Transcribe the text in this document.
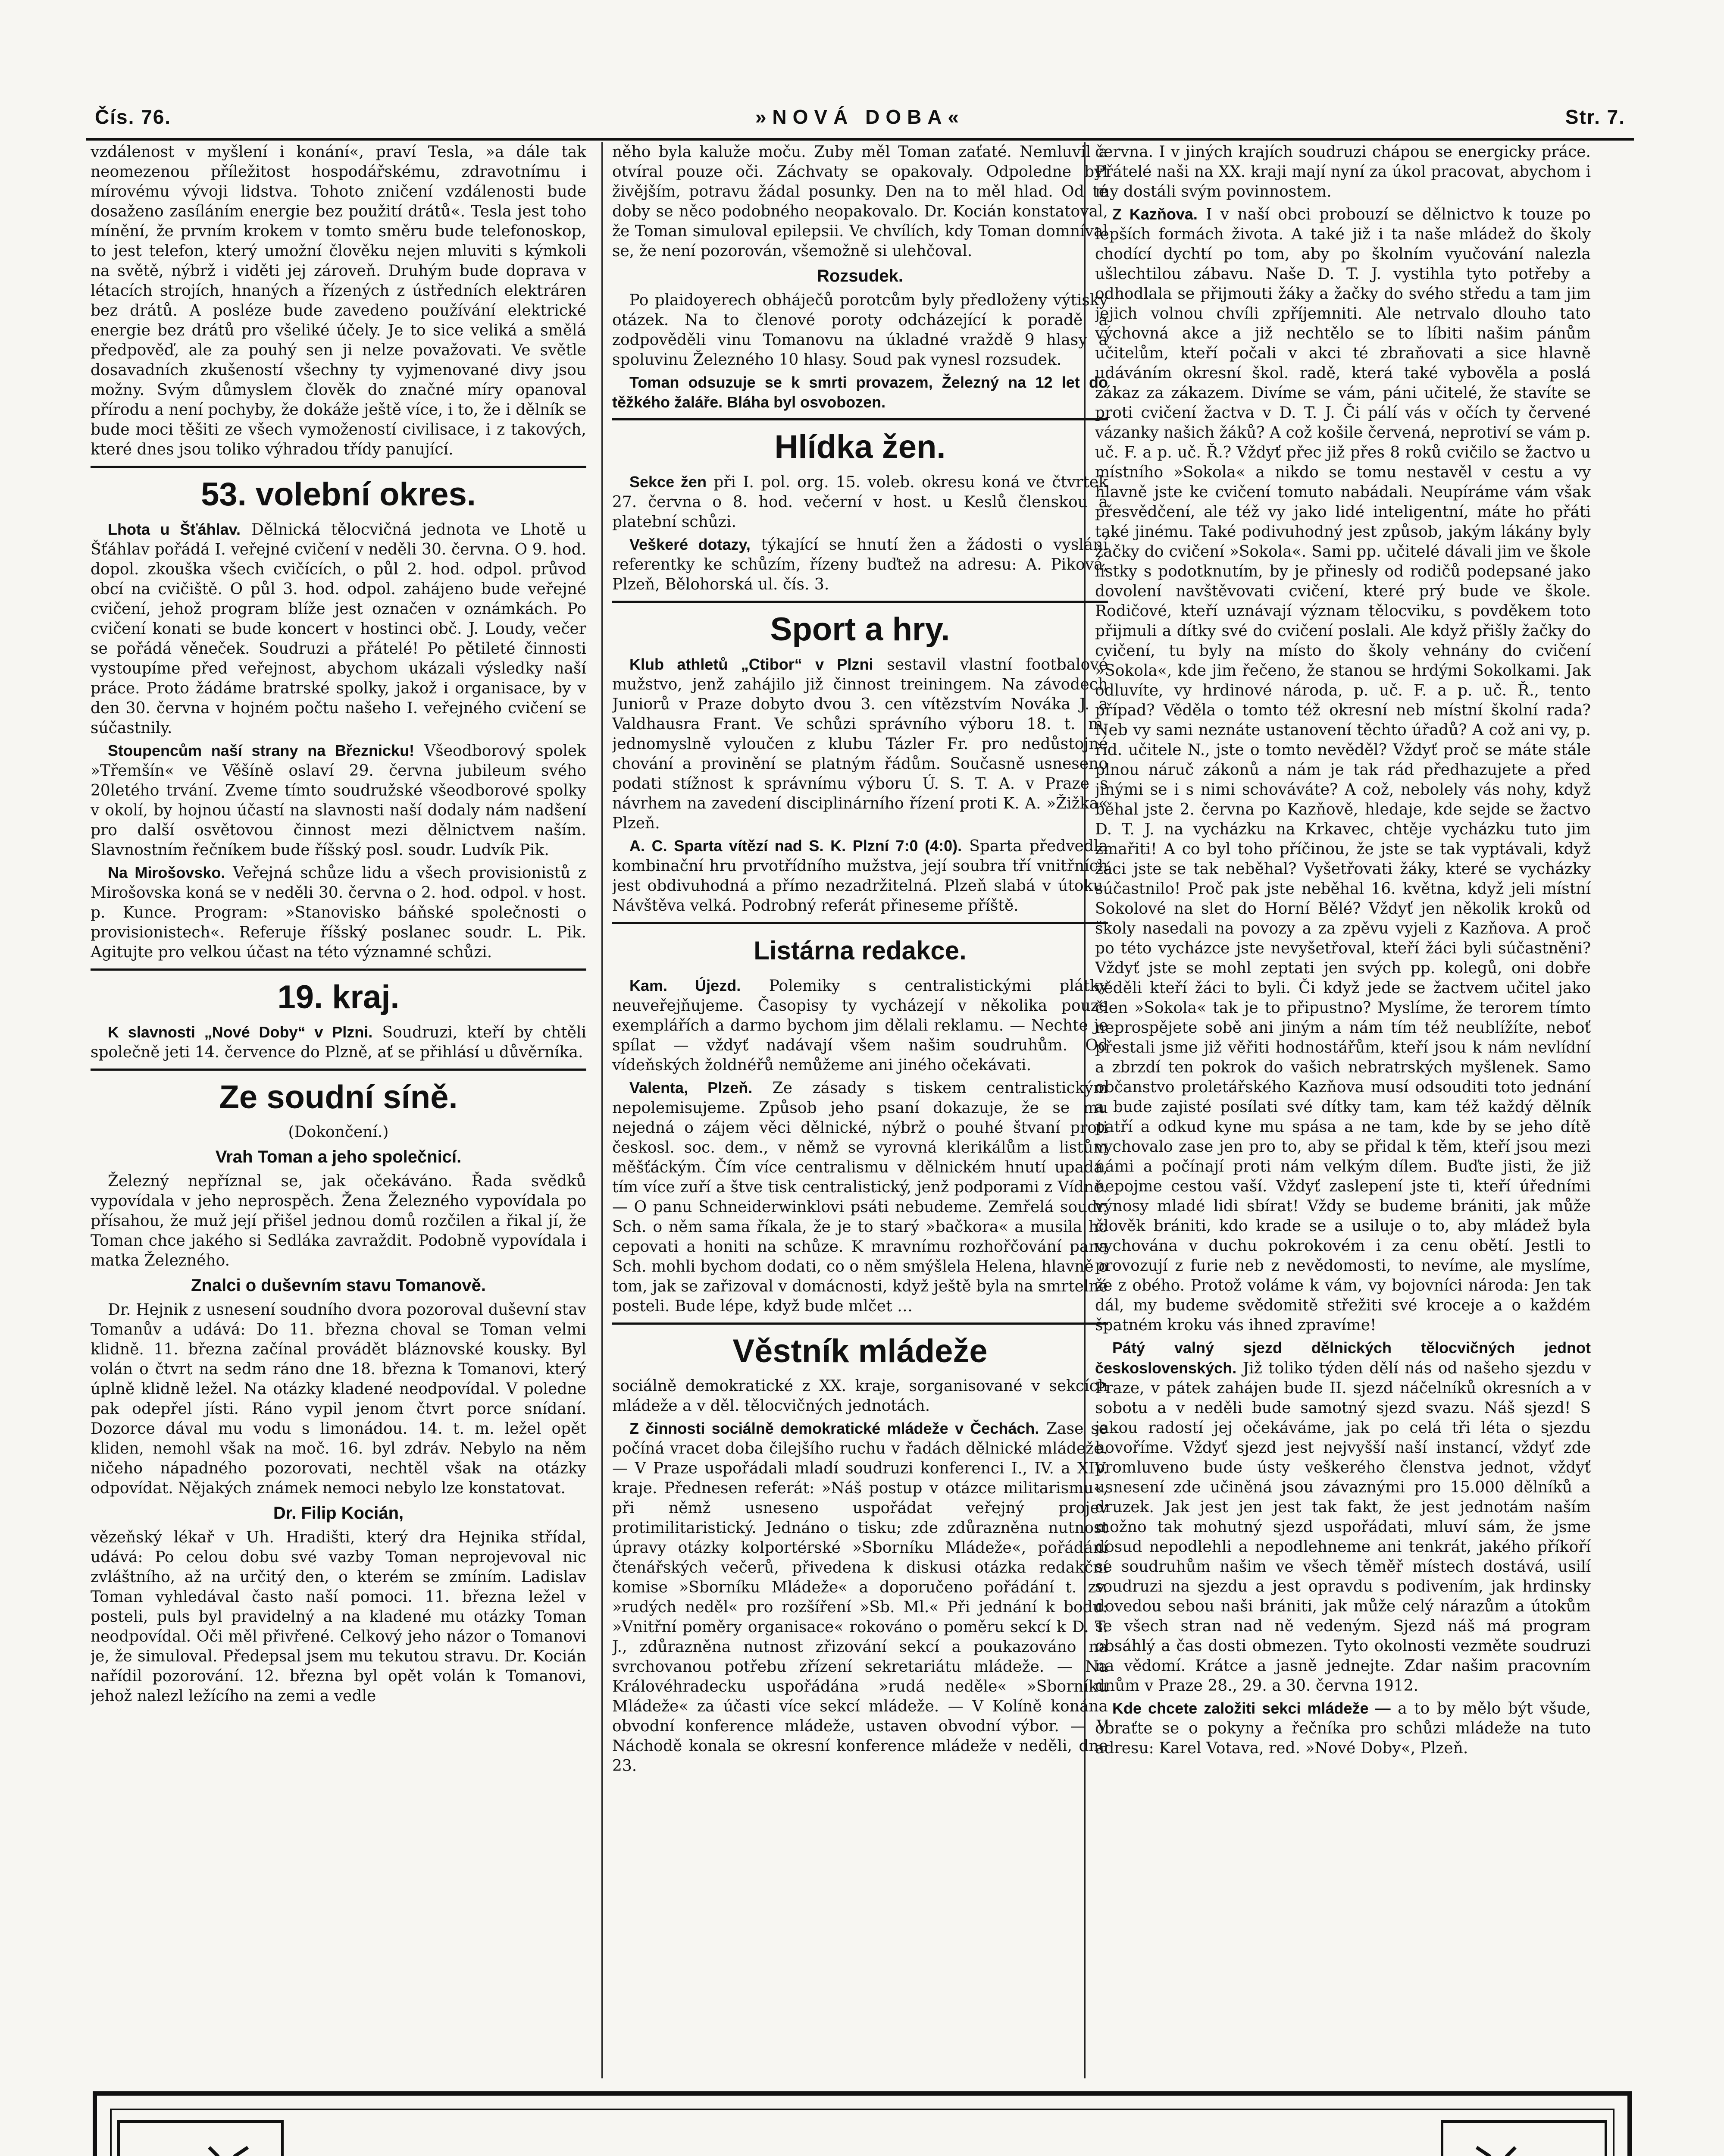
Čís. 76.	»NOVÁ DOBA«	Str. 7.

vzdálenost v myšlení i konání«, praví Tesla, »a dále tak neomezenou příležitost hospodářskému, zdravotnímu i mírovému vývoji lidstva. Tohoto zničení vzdálenosti bude dosaženo zasíláním energie bez použití drátů«. Tesla jest toho mínění, že prvním krokem v tomto směru bude telefonoskop, to jest telefon, který umožní člověku nejen mluviti s kýmkoli na světě, nýbrž i viděti jej zároveň. Druhým bude doprava v létacích strojích, hnaných a řízených z ústředních elektráren bez drátů. A posléze bude zavedeno používání elektrické energie bez drátů pro všeliké účely. Je to sice veliká a smělá předpověď, ale za pouhý sen ji nelze považovati. Ve světle dosavadních zkušeností všechny ty vyjmenované divy jsou možny. Svým důmyslem člověk do značné míry opanoval přírodu a není pochyby, že dokáže ještě více, i to, že i dělník se bude moci těšiti ze všech vymožeností civilisace, i z takových, které dnes jsou toliko výhradou třídy panující.

53. volební okres.

Lhota u Šťáhlav. Dělnická tělocvičná jednota ve Lhotě u Šťáhlav pořádá I. veřejné cvičení v neděli 30. června. O 9. hod. dopol. zkouška všech cvičících, o půl 2. hod. odpol. průvod obcí na cvičiště. O půl 3. hod. odpol. zahájeno bude veřejné cvičení, jehož program blíže jest označen v oznámkách. Po cvičení konati se bude koncert v hostinci obč. J. Loudy, večer se pořádá věneček. Soudruzi a přátelé! Po pětileté činnosti vystoupíme před veřejnost, abychom ukázali výsledky naší práce. Proto žádáme bratrské spolky, jakož i organisace, by v den 30. června v hojném počtu našeho I. veřejného cvičení se súčastnily.

Stoupencům naší strany na Březnicku! Všeodborový spolek »Třemšín« ve Věšíně oslaví 29. června jubileum svého 20letého trvání. Zveme tímto soudružské všeodborové spolky v okolí, by hojnou účastí na slavnosti naší dodaly nám nadšení pro další osvětovou činnost mezi dělnictvem naším. Slavnostním řečníkem bude říšský posl. soudr. Ludvík Pik.

Na Mirošovsko. Veřejná schůze lidu a všech provisionistů z Mirošovska koná se v neděli 30. června o 2. hod. odpol. v host. p. Kunce. Program: »Stanovisko báňské společnosti o provisionistech«. Referuje říšský poslanec soudr. L. Pik. Agitujte pro velkou účast na této významné schůzi.

19. kraj.

K slavnosti „Nové Doby“ v Plzni. Soudruzi, kteří by chtěli společně jeti 14. července do Plzně, ať se přihlásí u důvěrníka.

Ze soudní síně.
(Dokončení.)
Vrah Toman a jeho společnicí.

Železný nepříznal se, jak očekáváno. Řada svědků vypovídala v jeho neprospěch. Žena Železného vypovídala po přísahou, že muž její přišel jednou domů rozčilen a řikal jí, že Toman chce jakého si Sedláka zavraždit. Podobně vypovídala i matka Železného.

Znalci o duševním stavu Tomanově.

Dr. Hejnik z usnesení soudního dvora pozoroval duševní stav Tomanův a udává: Do 11. března choval se Toman velmi klidně. 11. března začínal provádět bláznovské kousky. Byl volán o čtvrt na sedm ráno dne 18. března k Tomanovi, který úplně klidně ležel. Na otázky kladené neodpovídal. V poledne pak odepřel jísti. Ráno vypil jenom čtvrt porce snídaní. Dozorce dával mu vodu s limonádou. 14. t. m. ležel opět kliden, nemohl však na moč. 16. byl zdráv. Nebylo na něm ničeho nápadného pozorovati, nechtěl však na otázky odpovídat. Nějakých známek nemoci nebylo lze konstatovat.

Dr. Filip Kocián,

vězeňský lékař v Uh. Hradišti, který dra Hejnika střídal, udává: Po celou dobu své vazby Toman neprojevoval nic zvláštního, až na určitý den, o kterém se zmíním. Ladislav Toman vyhledával často naší pomoci. 11. března ležel v posteli, puls byl pravidelný a na kladené mu otázky Toman neodpovídal. Oči měl přivřené. Celkový jeho názor o Tomanovi je, že simuloval. Předepsal jsem mu tekutou stravu. Dr. Kocián nařídil pozorování. 12. března byl opět volán k Tomanovi, jehož nalezl ležícího na zemi a vedle

něho byla kaluže moču. Zuby měl Toman zaťaté. Nemluvil a otvíral pouze oči. Záchvaty se opakovaly. Odpoledne byl živějším, potravu žádal posunky. Den na to měl hlad. Od té doby se něco podobného neopakovalo. Dr. Kocián konstatoval, že Toman simuloval epilepsii. Ve chvílích, kdy Toman domníval se, že není pozorován, všemožně si ulehčoval.

Rozsudek.

Po plaidoyerech obháječů porotcům byly předloženy výtisky otázek. Na to členové poroty odcházející k poradě a zodpověděli vinu Tomanovu na úkladné vraždě 9 hlasy a spoluvinu Železného 10 hlasy. Soud pak vynesl rozsudek.

Toman odsuzuje se k smrti provazem, Železný na 12 let do těžkého žaláře. Bláha byl osvobozen.

Hlídka žen.

Sekce žen při I. pol. org. 15. voleb. okresu koná ve čtvrtek 27. června o 8. hod. večerní v host. u Keslů členskou a platební schůzi.

Veškeré dotazy, týkající se hnutí žen a žádosti o vyslání referentky ke schůzím, řízeny buďtež na adresu: A. Piková, Plzeň, Bělohorská ul. čís. 3.

Sport a hry.

Klub athletů „Ctibor“ v Plzni sestavil vlastní footbalové mužstvo, jenž zahájilo již činnost treiningem. Na závodech Juniorů v Praze dobyto dvou 3. cen vítězstvím Nováka J. a Valdhausra Frant. Ve schůzi správního výboru 18. t. m. jednomyslně vyloučen z klubu Tázler Fr. pro nedůstojné chování a provinění se platným řádům. Současně usneseno podati stížnost k správnímu výboru Ú. S. T. A. v Praze s návrhem na zavedení disciplinárního řízení proti K. A. »Žižka« Plzeň.

A. C. Sparta vítězí nad S. K. Plzní 7:0 (4:0). Sparta předvedla kombinační hru prvotřídního mužstva, její soubra tří vnitřních jest obdivuhodná a přímo nezadržitelná. Plzeň slabá v útoku. Návštěva velká. Podrobný referát přineseme příště.

Listárna redakce.

Kam. Újezd. Polemiky s centralistickými plátky neuveřejňujeme. Časopisy ty vycházejí v několika pouze exemplářích a darmo bychom jim dělali reklamu. — Nechte je spílat — vždyť nadávají všem našim soudruhům. Od vídeňských žoldnéřů nemůžeme ani jiného očekávati.

Valenta, Plzeň. Ze zásady s tiskem centralistickým nepolemisujeme. Způsob jeho psaní dokazuje, že se mu nejedná o zájem věci dělnické, nýbrž o pouhé štvaní proti českosl. soc. dem., v němž se vyrovná klerikálům a listům měšťáckým. Čím více centralismu v dělnickém hnutí upadá, tím více zuří a štve tisk centralistický, jenž podporami z Vídně. — O panu Schneiderwinklovi psáti nebudeme. Zemřelá soudr. Sch. o něm sama říkala, že je to starý »bačkora« a musila ho cepovati a honiti na schůze. K mravnímu rozhořčování pana Sch. mohli bychom dodati, co o něm smýšlela Helena, hlavně o tom, jak se zařizoval v domácnosti, když ještě byla na smrtelné posteli. Bude lépe, když bude mlčet …

Věstník mládeže

sociálně demokratické z XX. kraje, sorganisované v sekcích mládeže a v děl. tělocvičných jednotách.

Z činnosti sociálně demokratické mládeže v Čechách. Zase se počíná vracet doba čilejšího ruchu v řadách dělnické mládeže. — V Praze uspořádali mladí soudruzi konferenci I., IV. a XIV. kraje. Přednesen referát: »Náš postup v otázce militarismu«, při němž usneseno uspořádat veřejný projev protimilitaristický. Jednáno o tisku; zde zdůrazněna nutnost úpravy otázky kolportérské »Sborníku Mládeže«, pořádání čtenářských večerů, přivedena k diskusi otázka redakční komise »Sborníku Mládeže« a doporučeno pořádání t. zv. »rudých neděl« pro rozšíření »Sb. Ml.« Při jednání k bodu: »Vnitřní poměry organisace« rokováno o poměru sekcí k D. T. J., zdůrazněna nutnost zřizování sekcí a poukazováno na svrchovanou potřebu zřízení sekretariátu mládeže. — Na Královéhradecku uspořádána »rudá neděle« »Sborníku Mládeže« za účasti více sekcí mládeže. — V Kolíně konána obvodní konference mládeže, ustaven obvodní výbor. — V Náchodě konala se okresní konference mládeže v neděli, dne 23.

června. I v jiných krajích soudruzi chápou se energicky práce. Přátelé naši na XX. kraji mají nyní za úkol pracovat, abychom i my dostáli svým povinnostem.

Z Kazňova. I v naší obci probouzí se dělnictvo k touze po lepších formách života. A také již i ta naše mládež do školy chodící dychtí po tom, aby po školním vyučování nalezla ušlechtilou zábavu. Naše D. T. J. vystihla tyto potřeby a odhodlala se přijmouti žáky a žačky do svého středu a tam jim jejich volnou chvíli zpříjemniti. Ale netrvalo dlouho tato výchovná akce a již nechtělo se to líbiti našim pánům učitelům, kteří počali v akci té zbraňovati a sice hlavně udáváním okresní škol. radě, která také vybověla a poslá zákaz za zákazem. Divíme se vám, páni učitelé, že stavíte se proti cvičení žactva v D. T. J. Či pálí vás v očích ty červené vázanky našich žáků? A což košile červená, neprotiví se vám p. uč. F. a p. uč. Ř.? Vždyť přec již přes 8 roků cvičilo se žactvo u místního »Sokola« a nikdo se tomu nestavěl v cestu a vy hlavně jste ke cvičení tomuto nabádali. Neupíráme vám však přesvědčení, ale též vy jako lidé inteligentní, máte ho přáti také jinému. Také podivuhodný jest způsob, jakým lákány byly žačky do cvičení »Sokola«. Sami pp. učitelé dávali jim ve škole lístky s podotknutím, by je přinesly od rodičů podepsané jako dovolení navštěvovati cvičení, které prý bude ve škole. Rodičové, kteří uznávají význam tělocviku, s povděkem toto přijmuli a dítky své do cvičení poslali. Ale když přišly žačky do cvičení, tu byly na místo do školy vehnány do cvičení »Sokola«, kde jim řečeno, že stanou se hrdými Sokolkami. Jak odluvíte, vy hrdinové národa, p. uč. F. a p. uč. Ř., tento případ? Věděla o tomto též okresní neb místní školní rada? Neb vy sami neznáte ustanovení těchto úřadů? A což ani vy, p. říd. učitele N., jste o tomto nevěděl? Vždyť proč se máte stále plnou náruč zákonů a nám je tak rád předhazujete a před jinými se i s nimi schováváte? A což, nebolely vás nohy, když běhal jste 2. června po Kazňově, hledaje, kde sejde se žactvo D. T. J. na vycházku na Krkavec, chtěje vycházku tuto jim zmařiti! A co byl toho příčinou, že jste se tak vyptávali, když žáci jste se tak neběhal? Vyšetřovati žáky, které se vycházky súčastnilo! Proč pak jste neběhal 16. května, když jeli místní Sokolové na slet do Horní Bělé? Vždyť jen několik kroků od školy nasedali na povozy a za zpěvu vyjeli z Kazňova. A proč po této vycházce jste nevyšetřoval, kteří žáci byli súčastněni? Vždyť jste se mohl zeptati jen svých pp. kolegů, oni dobře věděli kteří žáci to byli. Či když jede se žactvem učitel jako člen »Sokola« tak je to připustno? Myslíme, že terorem tímto neprospějete sobě ani jiným a nám tím též neublížíte, neboť přestali jsme již věřiti hodnostářům, kteří jsou k nám nevlídní a zbrzdí ten pokrok do vašich nebratrských myšlenek. Samo občanstvo proletářského Kazňova musí odsouditi toto jednání a bude zajisté posílati své dítky tam, kam též každý dělník patří a odkud kyne mu spása a ne tam, kde by se jeho dítě vychovalo zase jen pro to, aby se přidal k těm, kteří jsou mezi námi a počínají proti nám velkým dílem. Buďte jisti, že již nepojme cestou vaší. Vždyť zaslepení jste ti, kteří úředními výnosy mladé lidi sbírat! Vždy se budeme brániti, jak může člověk brániti, kdo krade se a usiluje o to, aby mládež byla vychována v duchu pokrokovém i za cenu obětí. Jestli to provozují z furie neb z nevědomosti, to nevíme, ale myslíme, že z obého. Protož voláme k vám, vy bojovníci národa: Jen tak dál, my budeme svědomitě střežiti své kroceje a o každém špatném kroku vás ihned zpravíme!

Pátý valný sjezd dělnických tělocvičných jednot československých. Již toliko týden dělí nás od našeho sjezdu v Praze, v pátek zahájen bude II. sjezd náčelníků okresních a v sobotu a v neděli bude samotný sjezd svazu. Náš sjezd! S jakou radostí jej očekáváme, jak po celá tři léta o sjezdu hovoříme. Vždyť sjezd jest nejvyšší naší instancí, vždyť zde promluveno bude ústy veškerého členstva jednot, vždyť usnesení zde učiněná jsou závaznými pro 15.000 dělníků a druzek. Jak jest jen jest tak fakt, že jest jednotám naším možno tak mohutný sjezd uspořádati, mluví sám, že jsme dosud nepodlehli a nepodlehneme ani tenkrát, jakého příkoří se soudruhům našim ve všech těměř místech dostává, usilí soudruzi na sjezdu a jest opravdu s podivením, jak hrdinsky dovedou sebou naši brániti, jak může celý nárazům a útokům se všech stran nad ně vedeným. Sjezd náš má program obsáhlý a čas dosti obmezen. Tyto okolnosti vezměte soudruzi na vědomí. Krátce a jasně jednejte. Zdar našim pracovním dnům v Praze 28., 29. a 30. června 1912.

Kde chcete založiti sekci mládeže — a to by mělo být všude, obraťte se o pokyny a řečníka pro schůzi mládeže na tuto adresu: Karel Votava, red. »Nové Doby«, Plzeň.
